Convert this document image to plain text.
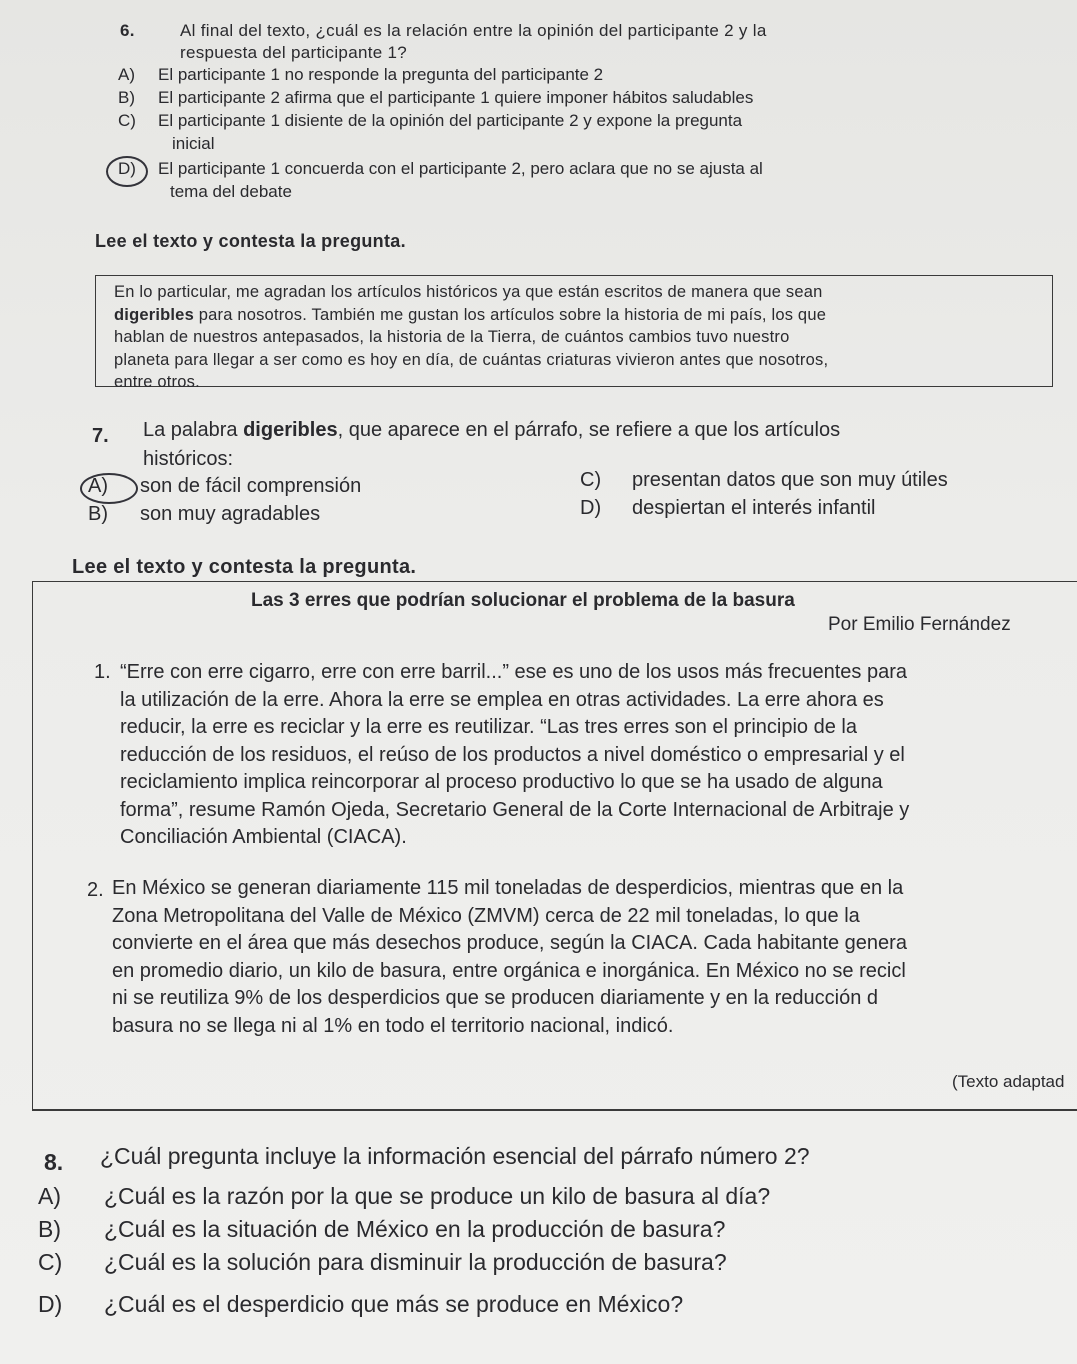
6.	Al final del texto, ¿cuál es la relación entre la opinión del participante 2 y la
respuesta del participante 1?
A) El participante 1 no responde la pregunta del participante 2
B) El participante 2 afirma que el participante 1 quiere imponer hábitos saludables
C) El participante 1 disiente de la opinión del participante 2 y expone la pregunta
inicial
D) El participante 1 concuerda con el participante 2, pero aclara que no se ajusta al
tema del debate
Lee el texto y contesta la pregunta.
En lo particular, me agradan los artículos históricos ya que están escritos de manera que sean
digeribles para nosotros. También me gustan los artículos sobre la historia de mi país, los que
hablan de nuestros antepasados, la historia de la Tierra, de cuántos cambios tuvo nuestro
planeta para llegar a ser como es hoy en día, de cuántas criaturas vivieron antes que nosotros,
entre otros.
7. La palabra digeribles, que aparece en el párrafo, se refiere a que los artículos
históricos:
A) son de fácil comprensión
B) son muy agradables
C) presentan datos que son muy útiles
D) despiertan el interés infantil
Lee el texto y contesta la pregunta.
Las 3 erres que podrían solucionar el problema de la basura
Por Emilio Fernández
1. “Erre con erre cigarro, erre con erre barril...” ese es uno de los usos más frecuentes para
la utilización de la erre. Ahora la erre se emplea en otras actividades. La erre ahora es
reducir, la erre es reciclar y la erre es reutilizar. “Las tres erres son el principio de la
reducción de los residuos, el reúso de los productos a nivel doméstico o empresarial y el
reciclamiento implica reincorporar al proceso productivo lo que se ha usado de alguna
forma”, resume Ramón Ojeda, Secretario General de la Corte Internacional de Arbitraje y
Conciliación Ambiental (CIACA).
2. En México se generan diariamente 115 mil toneladas de desperdicios, mientras que en la
Zona Metropolitana del Valle de México (ZMVM) cerca de 22 mil toneladas, lo que la
convierte en el área que más desechos produce, según la CIACA. Cada habitante genera
en promedio diario, un kilo de basura, entre orgánica e inorgánica. En México no se recicl
ni se reutiliza 9% de los desperdicios que se producen diariamente y en la reducción d
basura no se llega ni al 1% en todo el territorio nacional, indicó.
(Texto adaptad
8. ¿Cuál pregunta incluye la información esencial del párrafo número 2?
A) ¿Cuál es la razón por la que se produce un kilo de basura al día?
B) ¿Cuál es la situación de México en la producción de basura?
C) ¿Cuál es la solución para disminuir la producción de basura?
D) ¿Cuál es el desperdicio que más se produce en México?
